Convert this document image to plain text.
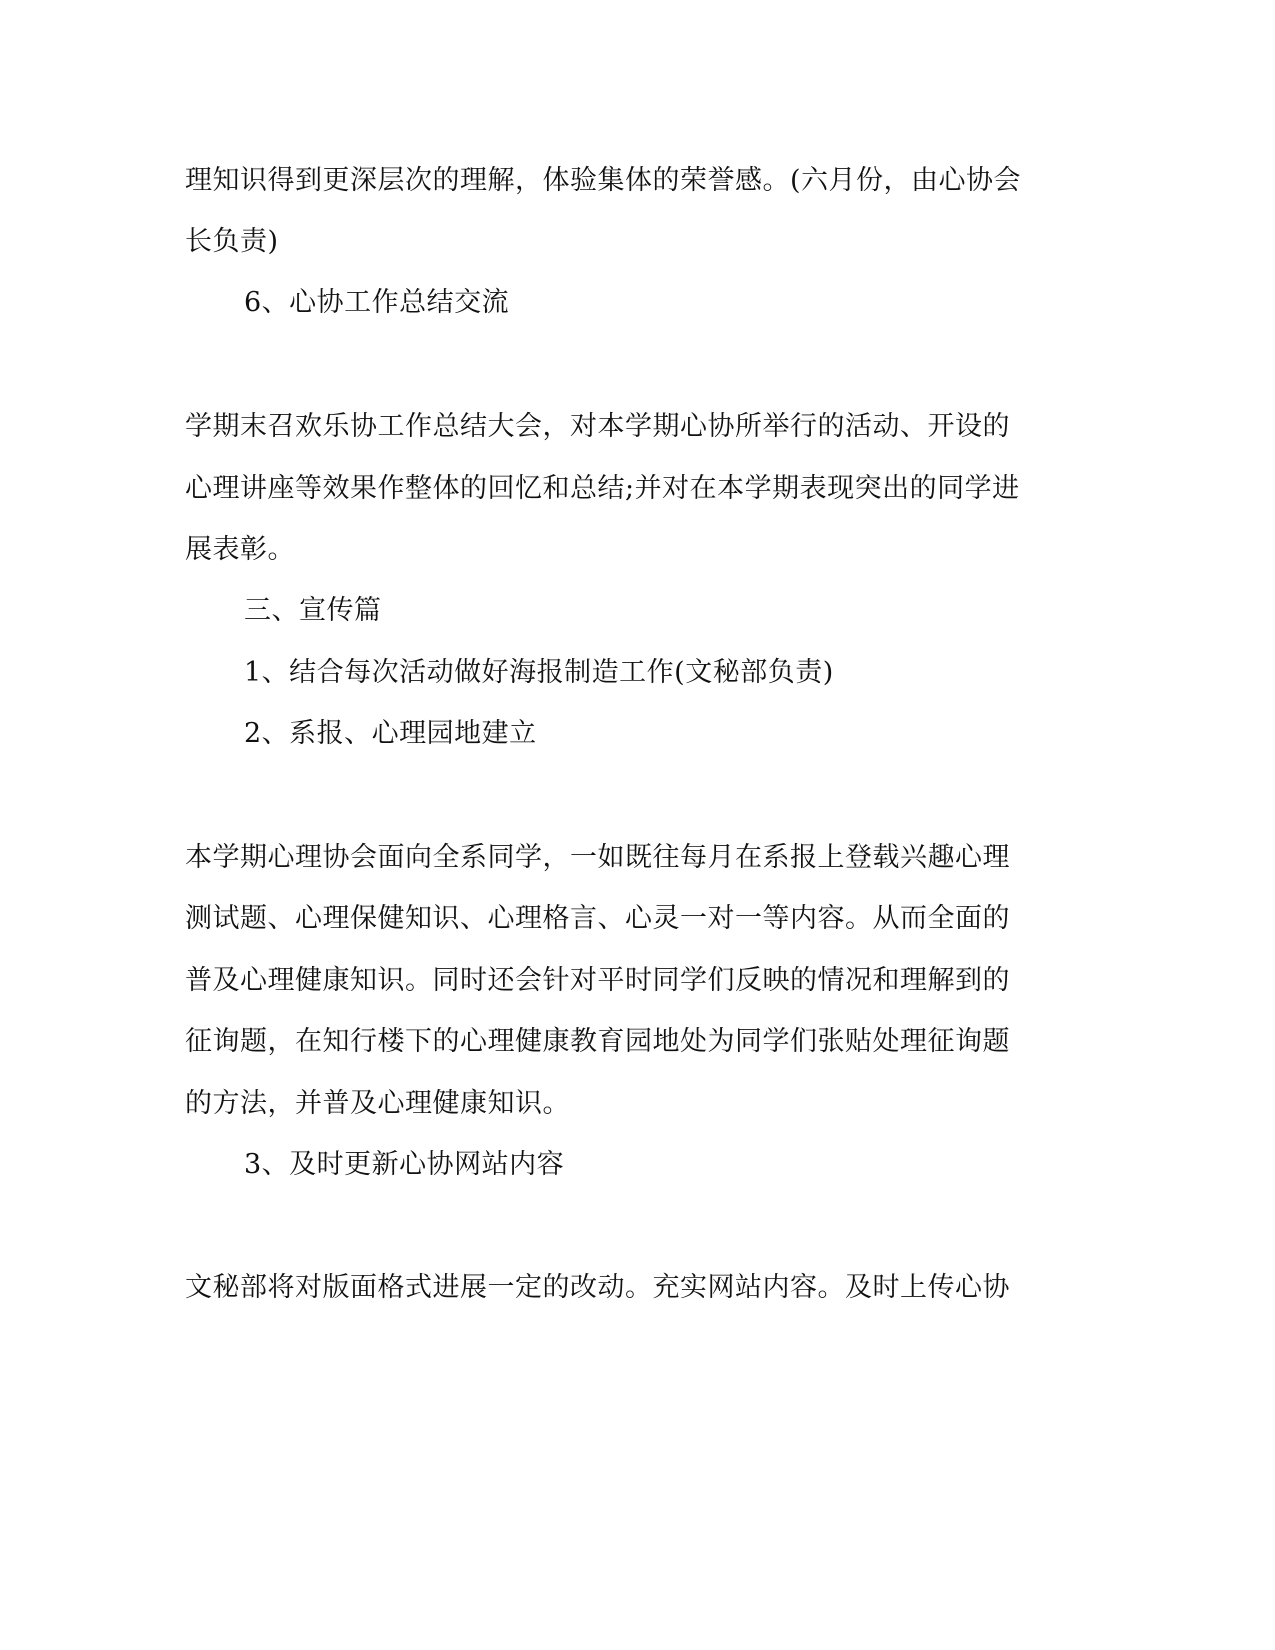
理知识得到更深层次的理解，体验集体的荣誉感。(六月份，由心协会
长负责)
6、心协工作总结交流
学期末召欢乐协工作总结大会，对本学期心协所举行的活动、开设的
心理讲座等效果作整体的回忆和总结;并对在本学期表现突出的同学进
展表彰。
三、宣传篇
1、结合每次活动做好海报制造工作(文秘部负责)
2、系报、心理园地建立
本学期心理协会面向全系同学，一如既往每月在系报上登载兴趣心理
测试题、心理保健知识、心理格言、心灵一对一等内容。从而全面的
普及心理健康知识。同时还会针对平时同学们反映的情况和理解到的
征询题，在知行楼下的心理健康教育园地处为同学们张贴处理征询题
的方法，并普及心理健康知识。
3、及时更新心协网站内容
文秘部将对版面格式进展一定的改动。充实网站内容。及时上传心协
